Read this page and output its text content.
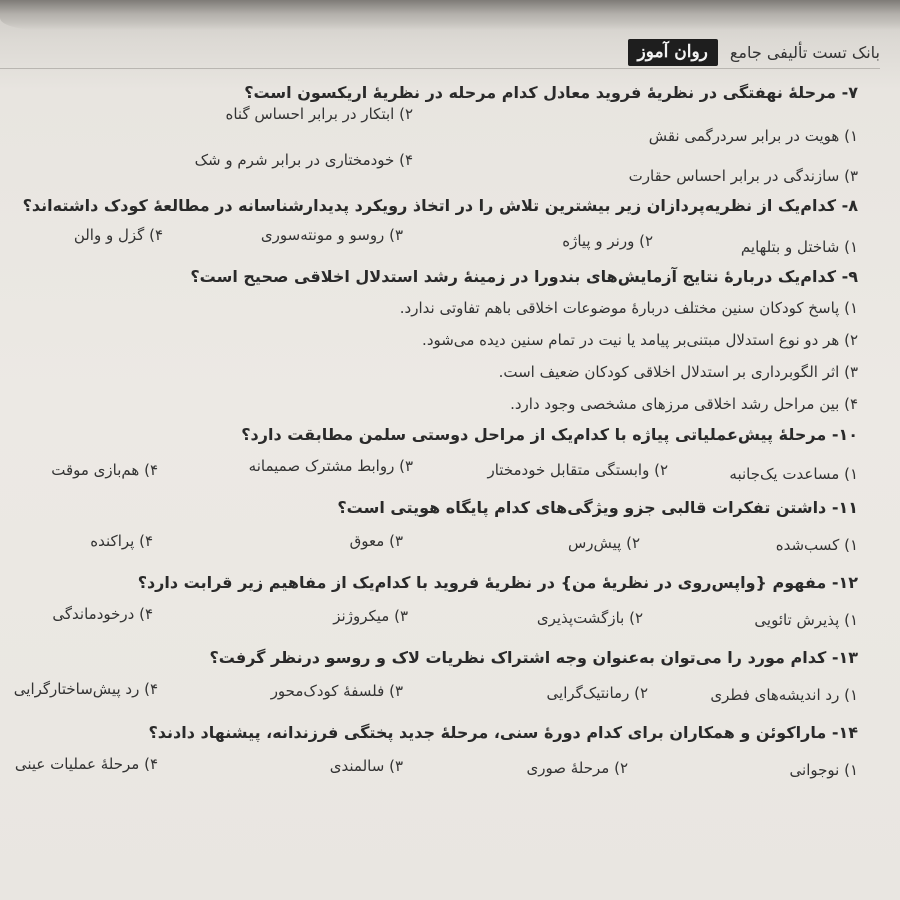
روان آموز	بانک تست تألیفی جامع
۷- مرحلهٔ نهفتگی در نظریهٔ فروید معادل کدام مرحله در نظریهٔ اریکسون است؟
۱) هویت در برابر سردرگمی نقش
۲) ابتکار در برابر احساس گناه
۳) سازندگی در برابر احساس حقارت
۴) خودمختاری در برابر شرم و شک
۸- کدام‌یک از نظریه‌پردازان زیر بیشترین تلاش را در اتخاذ رویکرد پدیدارشناسانه در مطالعهٔ کودک داشته‌اند؟
۱) شاختل و بتلهایم
۲) ورنر و پیاژه
۳) روسو و مونته‌سوری
۴) گزل و والن
۹- کدام‌یک دربارهٔ نتایج آزمایش‌های بندورا در زمینهٔ رشد استدلال اخلاقی صحیح است؟
۱) پاسخ کودکان سنین مختلف دربارهٔ موضوعات اخلاقی باهم تفاوتی ندارد.
۲) هر دو نوع استدلال مبتنی‌بر پیامد یا نیت در تمام سنین دیده می‌شود.
۳) اثر الگوبرداری بر استدلال اخلاقی کودکان ضعیف است.
۴) بین مراحل رشد اخلاقی مرزهای مشخصی وجود دارد.
۱۰- مرحلهٔ پیش‌عملیاتی پیاژه با کدام‌یک از مراحل دوستی سلمن مطابقت دارد؟
۱) مساعدت یک‌جانبه
۲) وابستگی متقابل خودمختار
۳) روابط مشترک صمیمانه
۴) هم‌بازی موقت
۱۱- داشتن تفکرات قالبی جزو ویژگی‌های کدام پایگاه هویتی است؟
۱) کسب‌شده
۲) پیش‌رس
۳) معوق
۴) پراکنده
۱۲- مفهوم {واپس‌روی در نظریهٔ من} در نظریهٔ فروید با کدام‌یک از مفاهیم زیر قرابت دارد؟
۱) پذیرش تائویی
۲) بازگشت‌پذیری
۳) میکروژنز
۴) درخودماندگی
۱۳- کدام مورد را می‌توان به‌عنوان وجه اشتراک نظریات لاک و روسو درنظر گرفت؟
۱) رد اندیشه‌های فطری
۲) رمانتیک‌گرایی
۳) فلسفهٔ کودک‌محور
۴) رد پیش‌ساختارگرایی
۱۴- ماراکوئن و همکاران برای کدام دورهٔ سنی، مرحلهٔ جدید پختگی فرزندانه، پیشنهاد دادند؟
۱) نوجوانی
۲) مرحلهٔ صوری
۳) سالمندی
۴) مرحلهٔ عملیات عینی
